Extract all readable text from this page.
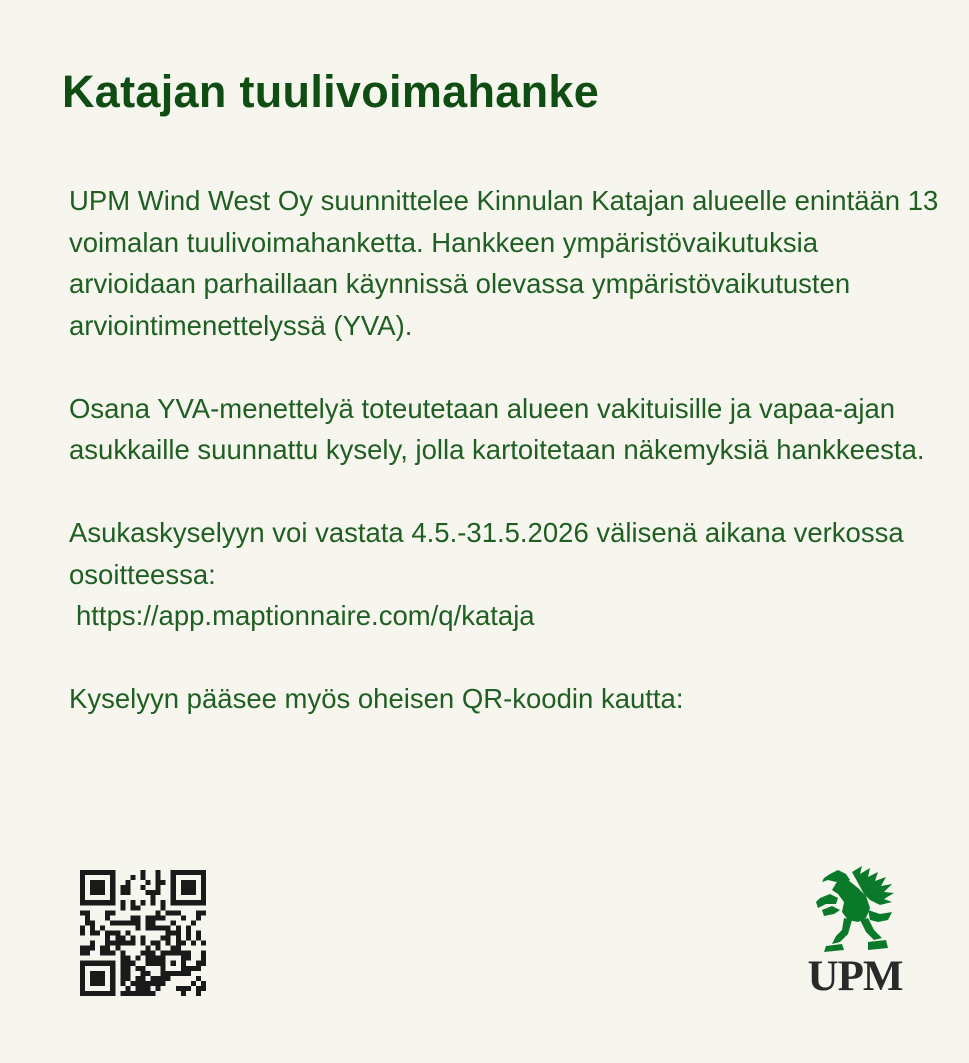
Katajan tuulivoimahanke

UPM Wind West Oy suunnittelee Kinnulan Katajan alueelle enintään 13 voimalan tuulivoimahanketta. Hankkeen ympäristövaikutuksia arvioidaan parhaillaan käynnissä olevassa ympäristövaikutusten arviointimenettelyssä (YVA).

Osana YVA-menettelyä toteutetaan alueen vakituisille ja vapaa-ajan asukkaille suunnattu kysely, jolla kartoitetaan näkemyksiä hankkeesta.

Asukaskyselyyn voi vastata 4.5.-31.5.2026 välisenä aikana verkossa osoitteessa:
https://app.maptionnaire.com/q/kataja

Kyselyyn pääsee myös oheisen QR-koodin kautta:

UPM
